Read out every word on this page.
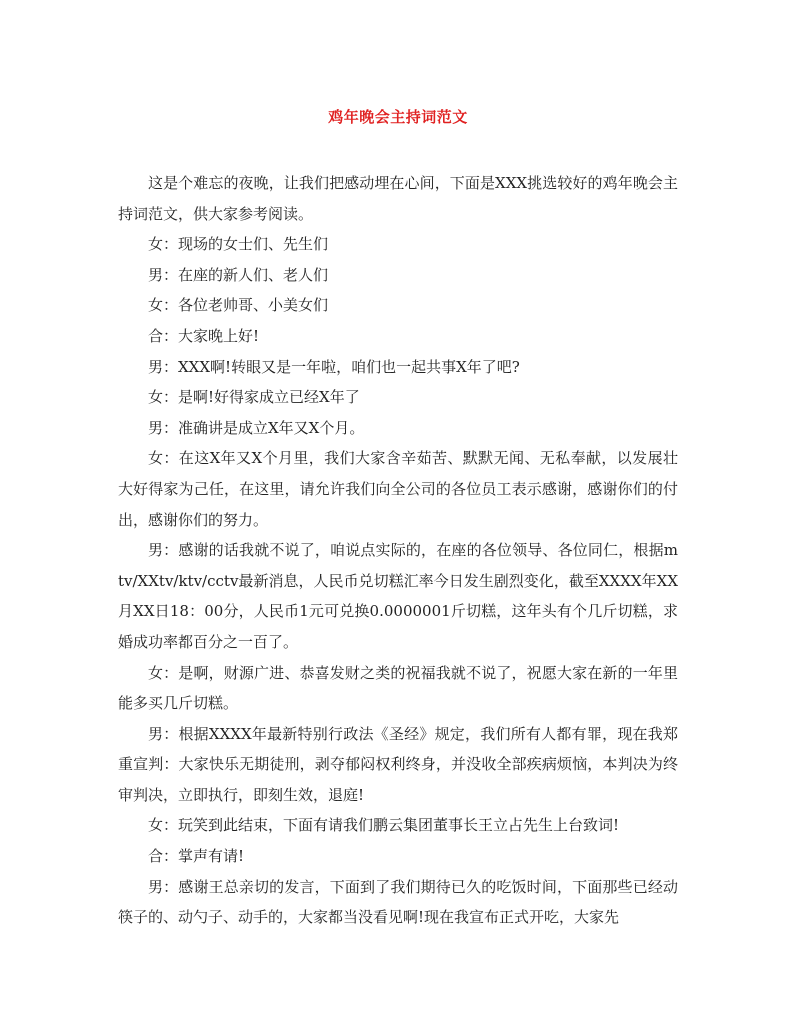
鸡年晚会主持词范文

这是个难忘的夜晚，让我们把感动埋在心间，下面是XXX挑选较好的鸡年晚会主持词范文，供大家参考阅读。

女：现场的女士们、先生们

男：在座的新人们、老人们

女：各位老帅哥、小美女们

合：大家晚上好!

男：XXX啊!转眼又是一年啦，咱们也一起共事X年了吧?

女：是啊!好得家成立已经X年了

男：准确讲是成立X年又X个月。

女：在这X年又X个月里，我们大家含辛茹苦、默默无闻、无私奉献，以发展壮大好得家为己任，在这里，请允许我们向全公司的各位员工表示感谢，感谢你们的付出，感谢你们的努力。

男：感谢的话我就不说了，咱说点实际的，在座的各位领导、各位同仁，根据mtv/XXtv/ktv/cctv最新消息，人民币兑切糕汇率今日发生剧烈变化，截至XXXX年XX月XX日18：00分，人民币1元可兑换0.0000001斤切糕，这年头有个几斤切糕，求婚成功率都百分之一百了。

女：是啊，财源广进、恭喜发财之类的祝福我就不说了，祝愿大家在新的一年里能多买几斤切糕。

男：根据XXXX年最新特别行政法《圣经》规定，我们所有人都有罪，现在我郑重宣判：大家快乐无期徒刑，剥夺郁闷权利终身，并没收全部疾病烦恼，本判决为终审判决，立即执行，即刻生效，退庭!

女：玩笑到此结束，下面有请我们鹏云集团董事长王立占先生上台致词!

合：掌声有请!

男：感谢王总亲切的发言，下面到了我们期待已久的吃饭时间，下面那些已经动筷子的、动勺子、动手的，大家都当没看见啊!现在我宣布正式开吃，大家先
